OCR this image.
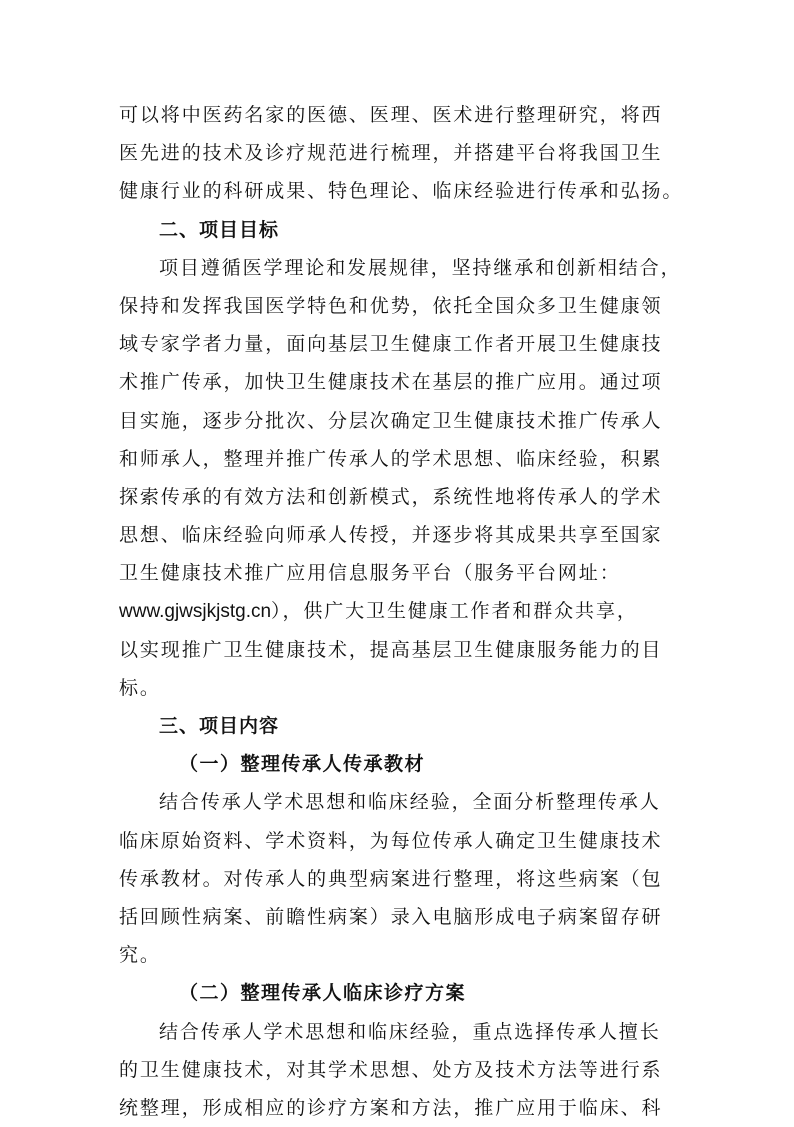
可以将中医药名家的医德、医理、医术进行整理研究，将西
医先进的技术及诊疗规范进行梳理，并搭建平台将我国卫生
健康行业的科研成果、特色理论、临床经验进行传承和弘扬。
二、项目目标
项目遵循医学理论和发展规律，坚持继承和创新相结合，
保持和发挥我国医学特色和优势，依托全国众多卫生健康领
域专家学者力量，面向基层卫生健康工作者开展卫生健康技
术推广传承，加快卫生健康技术在基层的推广应用。通过项
目实施，逐步分批次、分层次确定卫生健康技术推广传承人
和师承人，整理并推广传承人的学术思想、临床经验，积累
探索传承的有效方法和创新模式，系统性地将传承人的学术
思想、临床经验向师承人传授，并逐步将其成果共享至国家
卫生健康技术推广应用信息服务平台（服务平台网址：
www.gjwsjkjstg.cn），供广大卫生健康工作者和群众共享，
以实现推广卫生健康技术，提高基层卫生健康服务能力的目
标。
三、项目内容
（一）整理传承人传承教材
结合传承人学术思想和临床经验，全面分析整理传承人
临床原始资料、学术资料，为每位传承人确定卫生健康技术
传承教材。对传承人的典型病案进行整理，将这些病案（包
括回顾性病案、前瞻性病案）录入电脑形成电子病案留存研
究。
（二）整理传承人临床诊疗方案
结合传承人学术思想和临床经验，重点选择传承人擅长
的卫生健康技术，对其学术思想、处方及技术方法等进行系
统整理，形成相应的诊疗方案和方法，推广应用于临床、科
